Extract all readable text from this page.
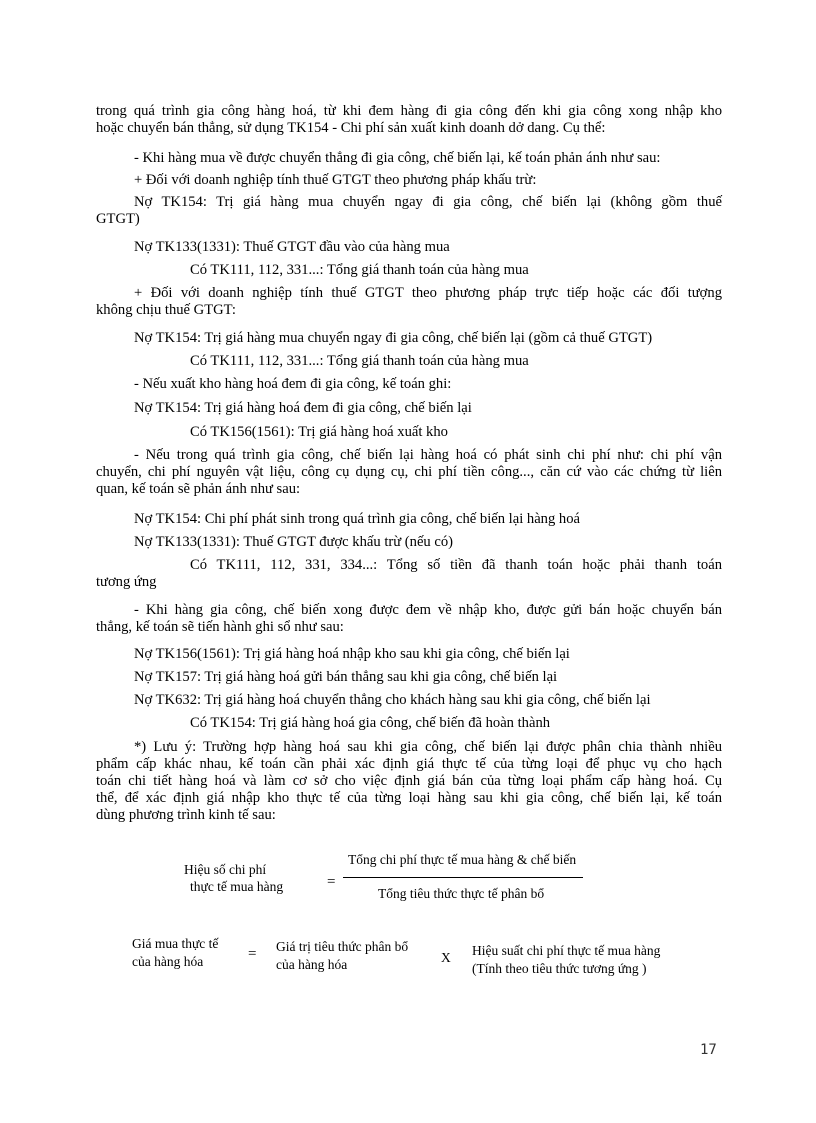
trong quá trình gia công hàng hoá, từ khi đem hàng đi gia công đến khi gia công xong nhập kho
hoặc chuyển bán thẳng, sử dụng TK154 - Chi phí sản xuất kinh doanh dở dang. Cụ thể:
- Khi hàng mua về được chuyển thẳng đi gia công, chế biến lại, kế toán phản ánh như sau:
+ Đối với doanh nghiệp tính thuế GTGT theo phương pháp khấu trừ:
Nợ TK154: Trị giá hàng mua chuyển ngay đi gia công, chế biến lại (không gồm thuế
GTGT)
Nợ TK133(1331): Thuế GTGT đầu vào của hàng mua
Có TK111, 112, 331...: Tổng giá thanh toán của hàng mua
+ Đối với doanh nghiệp tính thuế GTGT theo phương pháp trực tiếp hoặc các đối tượng
không chịu thuế GTGT:
Nợ TK154: Trị giá hàng mua chuyển ngay đi gia công, chế biến lại (gồm cả thuế GTGT)
Có TK111, 112, 331...: Tổng giá thanh toán của hàng mua
- Nếu xuất kho hàng hoá đem đi gia công, kế toán ghi:
Nợ TK154: Trị giá hàng hoá đem đi gia công, chế biến lại
Có TK156(1561): Trị giá hàng hoá xuất kho
- Nếu trong quá trình gia công, chế biến lại hàng hoá có phát sinh chi phí như: chi phí vận
chuyển, chi phí nguyên vật liệu, công cụ dụng cụ, chi phí tiền công..., căn cứ vào các chứng từ liên
quan, kế toán sẽ phản ánh như sau:
Nợ TK154: Chi phí phát sinh trong quá trình gia công, chế biến lại hàng hoá
Nợ TK133(1331): Thuế GTGT được khấu trừ (nếu có)
Có TK111, 112, 331, 334...: Tổng số tiền đã thanh toán hoặc phải thanh toán
tương ứng
- Khi hàng gia công, chế biến xong được đem về nhập kho, được gửi bán hoặc chuyển bán
thẳng, kế toán sẽ tiến hành ghi sổ như sau:
Nợ TK156(1561): Trị giá hàng hoá nhập kho sau khi gia công, chế biến lại
Nợ TK157: Trị giá hàng hoá gửi bán thẳng sau khi gia công, chế biến lại
Nợ TK632: Trị giá hàng hoá chuyển thẳng cho khách hàng sau khi gia công, chế biến lại
Có TK154: Trị giá hàng hoá gia công, chế biến đã hoàn thành
*) Lưu ý: Trường hợp hàng hoá sau khi gia công, chế biến lại được phân chia thành nhiều
phẩm cấp khác nhau, kế toán cần phải xác định giá thực tế của từng loại để phục vụ cho hạch
toán chi tiết hàng hoá và làm cơ sở cho việc định giá bán của từng loại phẩm cấp hàng hoá. Cụ
thể, để xác định giá nhập kho thực tế của từng loại hàng sau khi gia công, chế biến lại, kế toán
dùng phương trình kinh tế sau:
Hiệu số chi phí
thực tế mua hàng	=
Tổng chi phí thực tế mua hàng & chế biến
Tổng tiêu thức thực tế phân bổ
Giá mua thực tế
của hàng hóa	= Giá trị tiêu thức phân bổ
của hàng hóa	X Hiệu suất chi phí thực tế mua hàng
(Tính theo tiêu thức tương ứng )
17
